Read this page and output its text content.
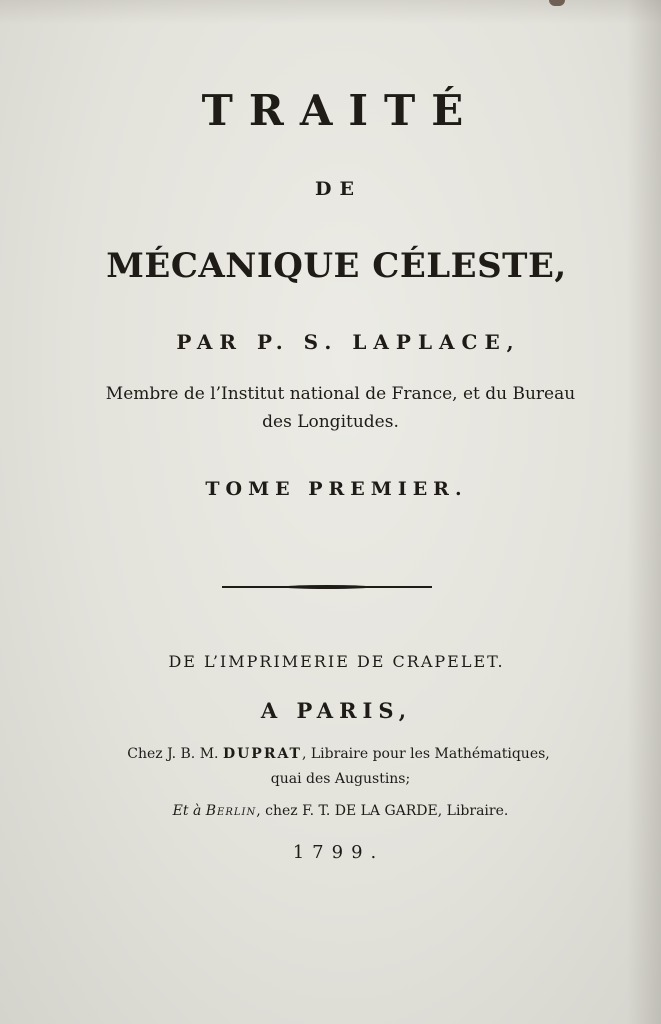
TRAITÉ
DE
MÉCANIQUE CÉLESTE,
PAR P. S. LAPLACE,
Membre de l’Institut national de France, et du Bureau
des Longitudes.
TOME PREMIER.
DE L’IMPRIMERIE DE CRAPELET.
A PARIS,
Chez J. B. M. DUPRAT, Libraire pour les Mathématiques,
quai des Augustins;
Et à Berlin, chez F. T. DE LA GARDE, Libraire.
1799.
